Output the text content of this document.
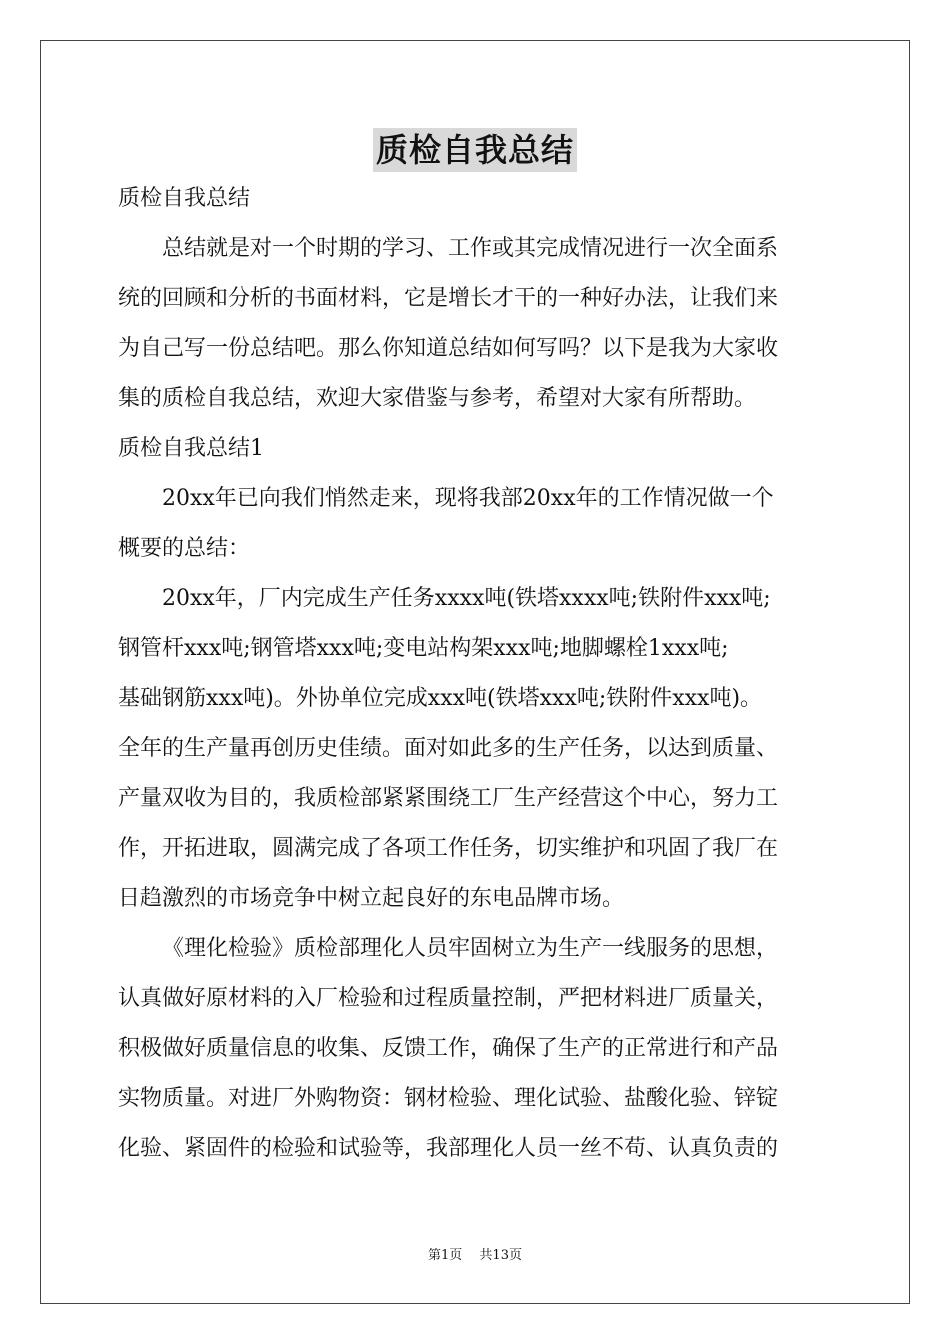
质检自我总结
质检自我总结
总结就是对一个时期的学习、工作或其完成情况进行一次全面系
统的回顾和分析的书面材料，它是增长才干的一种好办法，让我们来
为自己写一份总结吧。那么你知道总结如何写吗？以下是我为大家收
集的质检自我总结，欢迎大家借鉴与参考，希望对大家有所帮助。
质检自我总结1
20xx年已向我们悄然走来，现将我部20xx年的工作情况做一个
概要的总结：
20xx年，厂内完成生产任务xxxx吨(铁塔xxxx吨;铁附件xxx吨;
钢管杆xxx吨;钢管塔xxx吨;变电站构架xxx吨;地脚螺栓1xxx吨;
基础钢筋xxx吨)。外协单位完成xxx吨(铁塔xxx吨;铁附件xxx吨)。
全年的生产量再创历史佳绩。面对如此多的生产任务，以达到质量、
产量双收为目的，我质检部紧紧围绕工厂生产经营这个中心，努力工
作，开拓进取，圆满完成了各项工作任务，切实维护和巩固了我厂在
日趋激烈的市场竞争中树立起良好的东电品牌市场。
《理化检验》质检部理化人员牢固树立为生产一线服务的思想，
认真做好原材料的入厂检验和过程质量控制，严把材料进厂质量关，
积极做好质量信息的收集、反馈工作，确保了生产的正常进行和产品
实物质量。对进厂外购物资：钢材检验、理化试验、盐酸化验、锌锭
化验、紧固件的检验和试验等，我部理化人员一丝不苟、认真负责的
第1页　 共13页
